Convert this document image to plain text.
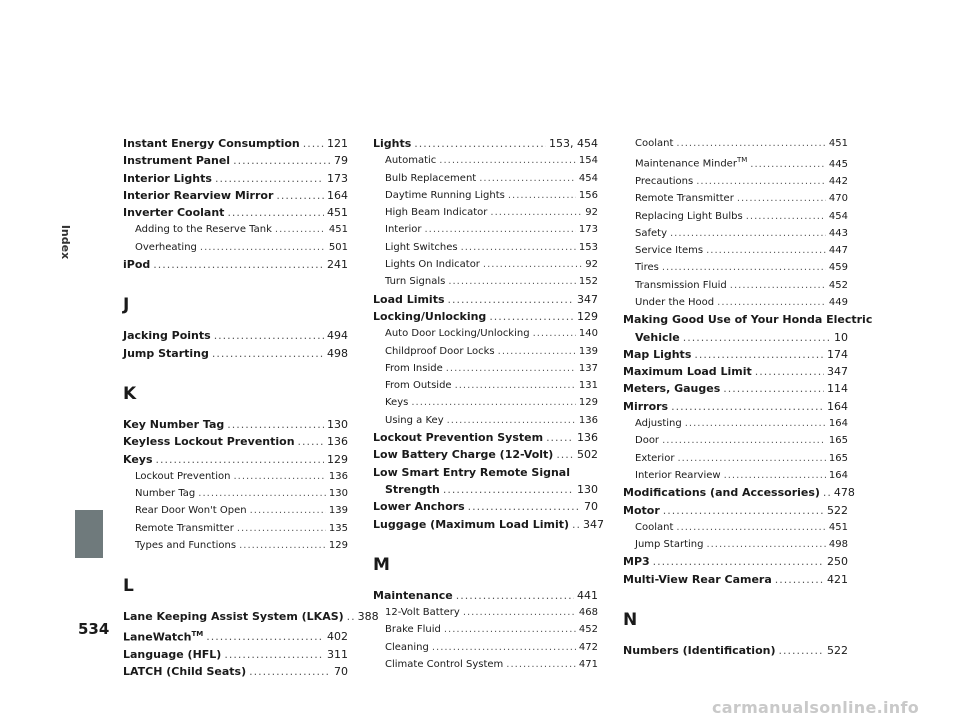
Index
534
carmanualsonline.info
Instant Energy Consumption ..... 121
Instrument Panel .....	79
Interior Lights .....	173
Interior Rearview Mirror .....	164
Inverter Coolant .....	451
Adding to the Reserve Tank .....	451
Overheating .....	501
iPod .....	241
J
Jacking Points .....	494
Jump Starting .....	498
K
Key Number Tag .....	130
Keyless Lockout Prevention .....	136
Keys .....	129
Lockout Prevention .....	136
Number Tag .....	130
Rear Door Won't Open .....	139
Remote Transmitter .....	135
Types and Functions .....	129
L
Lane Keeping Assist System (LKAS) ..... 388
LaneWatch™ .....	402
Language (HFL) .....	311
LATCH (Child Seats) .....	70
Lights .....	153, 454
Automatic .....	154
Bulb Replacement .....	454
Daytime Running Lights .....	156
High Beam Indicator .....	92
Interior .....	173
Light Switches .....	153
Lights On Indicator .....	92
Turn Signals .....	152
Load Limits .....	347
Locking/Unlocking .....	129
Auto Door Locking/Unlocking .....	140
Childproof Door Locks .....	139
From Inside .....	137
From Outside .....	131
Keys .....	129
Using a Key .....	136
Lockout Prevention System .....	136
Low Battery Charge (12-Volt) ..... 502
Low Smart Entry Remote Signal
Strength .....	130
Lower Anchors .....	70
Luggage (Maximum Load Limit) ..... 347
M
Maintenance .....	441
12-Volt Battery .....	468
Brake Fluid .....	452
Cleaning .....	472
Climate Control System .....	471
Coolant .....	451
Maintenance Minder™ .....	445
Precautions .....	442
Remote Transmitter .....	470
Replacing Light Bulbs .....	454
Safety .....	443
Service Items .....	447
Tires .....	459
Transmission Fluid .....	452
Under the Hood .....	449
Making Good Use of Your Honda Electric
Vehicle .....	10
Map Lights .....	174
Maximum Load Limit .....	347
Meters, Gauges .....	114
Mirrors .....	164
Adjusting .....	164
Door .....	165
Exterior .....	165
Interior Rearview .....	164
Modifications (and Accessories) ..... 478
Motor .....	522
Coolant .....	451
Jump Starting .....	498
MP3 .....	250
Multi-View Rear Camera .....	421
N
Numbers (Identification) .....	522
